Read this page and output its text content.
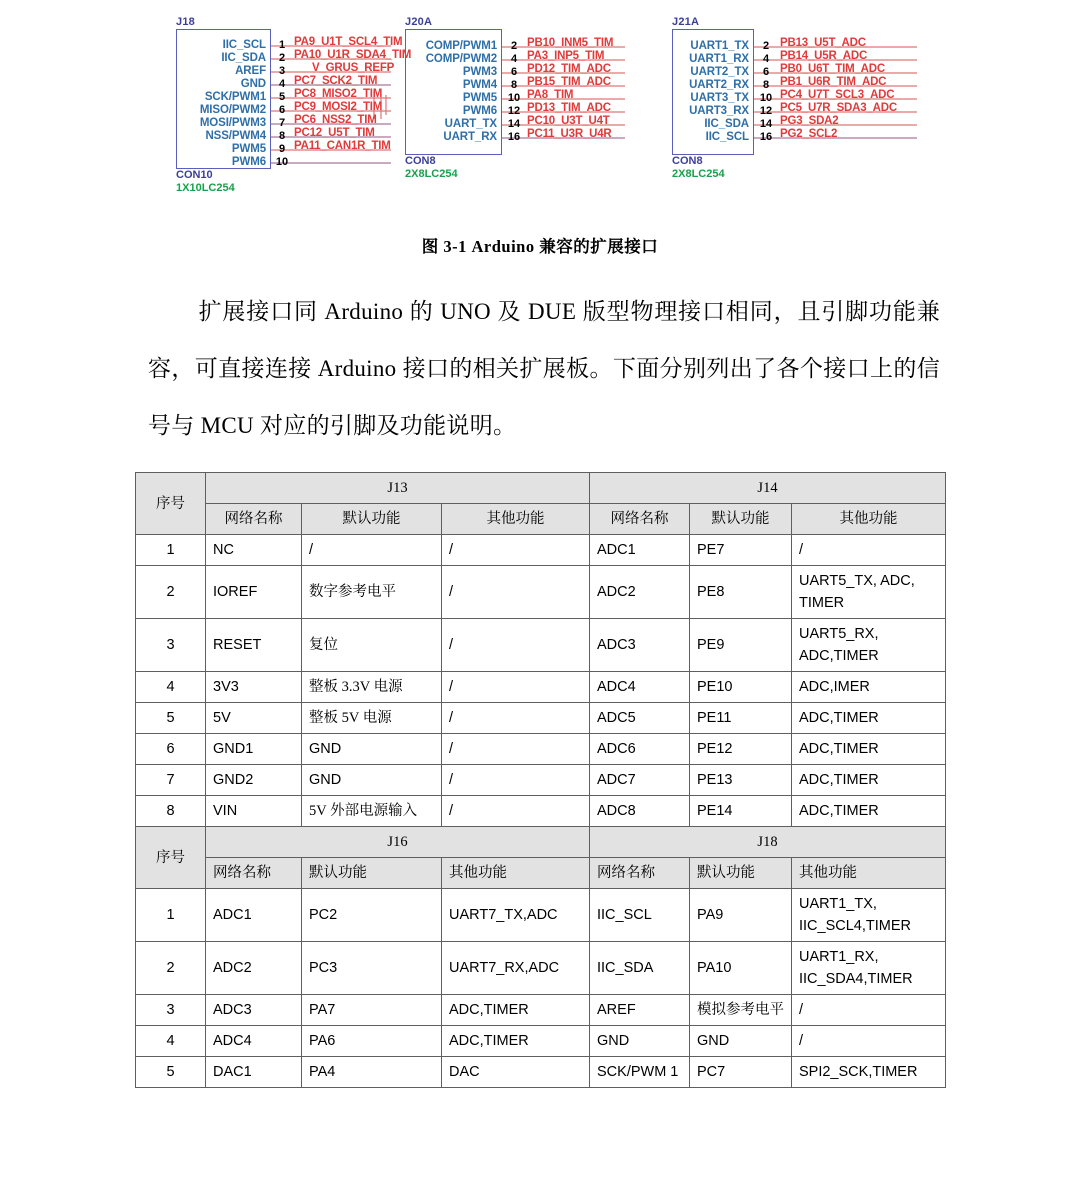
J18
IIC_SCL
IIC_SDA
AREF
GND
SCK/PWM1
MISO/PWM2
MOSI/PWM3
NSS/PWM4
PWM5
PWM6
1
2
3
4
5
6
7
8
9
10
PA9_U1T_SCL4_TIM
PA10_U1R_SDA4_TIM
V_GRUS_REFP
PC7_SCK2_TIM
PC8_MISO2_TIM
PC9_MOSI2_TIM
PC6_NSS2_TIM
PC12_U5T_TIM
PA11_CAN1R_TIM
CON10
1X10LC254
J20A
COMP/PWM1
COMP/PWM2
PWM3
PWM4
PWM5
PWM6
UART_TX
UART_RX
2
4
6
8
10
12
14
16
PB10_INM5_TIM
PA3_INP5_TIM
PD12_TIM_ADC
PB15_TIM_ADC
PA8_TIM
PD13_TIM_ADC
PC10_U3T_U4T
PC11_U3R_U4R
CON8
2X8LC254
J21A
UART1_TX
UART1_RX
UART2_TX
UART2_RX
UART3_TX
UART3_RX
IIC_SDA
IIC_SCL
2
4
6
8
10
12
14
16
PB13_U5T_ADC
PB14_U5R_ADC
PB0_U6T_TIM_ADC
PB1_U6R_TIM_ADC
PC4_U7T_SCL3_ADC
PC5_U7R_SDA3_ADC
PG3_SDA2
PG2_SCL2
CON8
2X8LC254
图 3-1 Arduino 兼容的扩展接口
扩展接口同 Arduino 的 UNO 及 DUE 版型物理接口相同，且引脚功能兼容，可直接连接 Arduino 接口的相关扩展板。下面分别列出了各个接口上的信号与 MCU 对应的引脚及功能说明。
序号	J13			J14		
	网络名称	默认功能	其他功能	网络名称	默认功能	其他功能
1	NC	/	/	ADC1	PE7	/
2	IOREF	数字参考电平	/	ADC2	PE8	UART5_TX, ADC, TIMER
3	RESET	复位	/	ADC3	PE9	UART5_RX, ADC,TIMER
4	3V3	整板 3.3V 电源	/	ADC4	PE10	ADC,IMER
5	5V	整板 5V 电源	/	ADC5	PE11	ADC,TIMER
6	GND1	GND	/	ADC6	PE12	ADC,TIMER
7	GND2	GND	/	ADC7	PE13	ADC,TIMER
8	VIN	5V 外部电源输入	/	ADC8	PE14	ADC,TIMER
序号	J16			J18		
	网络名称	默认功能	其他功能	网络名称	默认功能	其他功能
1	ADC1	PC2	UART7_TX,ADC	IIC_SCL	PA9	UART1_TX, IIC_SCL4,TIMER
2	ADC2	PC3	UART7_RX,ADC	IIC_SDA	PA10	UART1_RX, IIC_SDA4,TIMER
3	ADC3	PA7	ADC,TIMER	AREF	模拟参考电平	/
4	ADC4	PA6	ADC,TIMER	GND	GND	/
5	DAC1	PA4	DAC	SCK/PWM 1	PC7	SPI2_SCK,TIMER
